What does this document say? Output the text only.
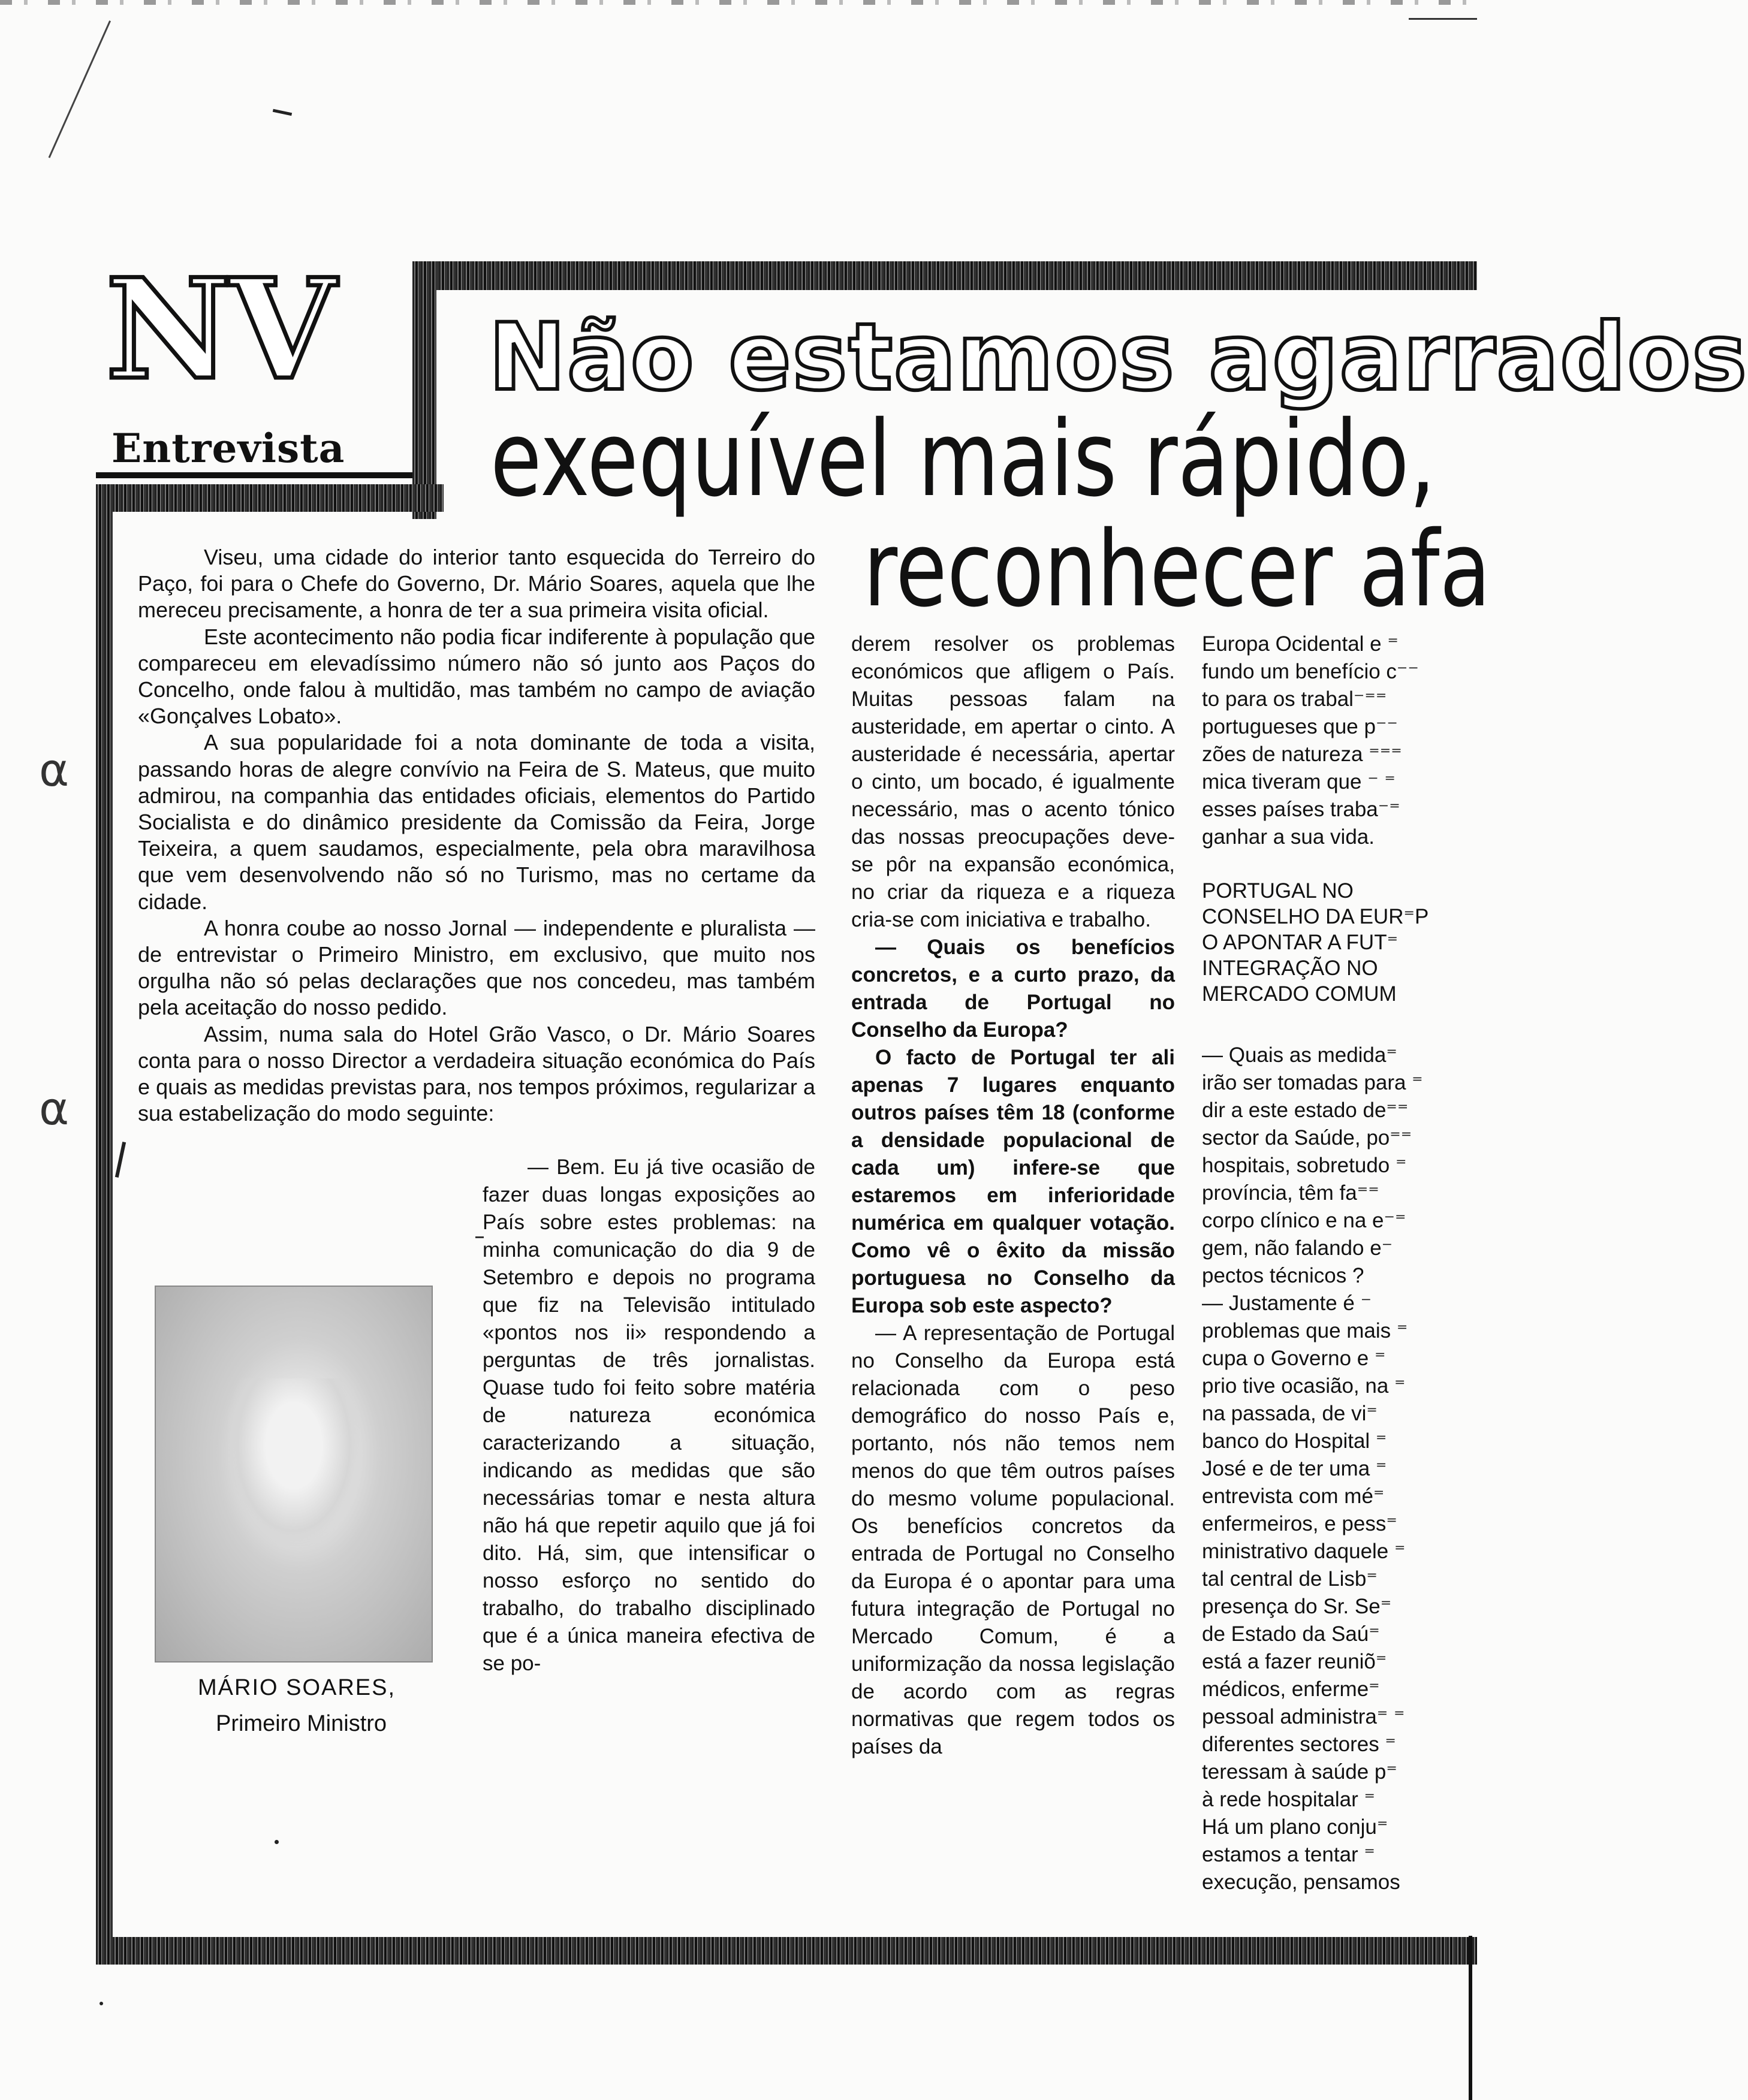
NV
Entrevista
Não estamos agarrados
exequível mais rápido,
reconhecer afa

Viseu, uma cidade do interior tanto esquecida do Terreiro do Paço, foi para o Chefe do Governo, Dr. Mário Soares, aquela que lhe mereceu precisamente, a honra de ter a sua primeira visita oficial.

Este acontecimento não podia ficar indiferente à população que compareceu em elevadíssimo número não só junto aos Paços do Concelho, onde falou à multidão, mas também no campo de aviação «Gonçalves Lobato».

A sua popularidade foi a nota dominante de toda a visita, passando horas de alegre convívio na Feira de S. Mateus, que muito admirou, na companhia das entidades oficiais, elementos do Partido Socialista e do dinâmico presidente da Comissão da Feira, Jorge Teixeira, a quem saudamos, especialmente, pela obra maravilhosa que vem desenvolvendo não só no Turismo, mas no certame da cidade.

A honra coube ao nosso Jornal — independente e pluralista — de entrevistar o Primeiro Ministro, em exclusivo, que muito nos orgulha não só pelas declarações que nos concedeu, mas também pela aceitação do nosso pedido.

Assim, numa sala do Hotel Grão Vasco, o Dr. Mário Soares conta para o nosso Director a verdadeira situação económica do País e quais as medidas previstas para, nos tempos próximos, regularizar a sua estabelização do modo seguinte:

MÁRIO SOARES,
Primeiro Ministro

— Bem. Eu já tive ocasião de fazer duas longas exposições ao País sobre estes problemas: na minha comunicação do dia 9 de Setembro e depois no programa que fiz na Televisão intitulado «pontos nos ii» respondendo a perguntas de três jornalistas. Quase tudo foi feito sobre matéria de natureza económica caracterizando a situação, indicando as medidas que são necessárias tomar e nesta altura não há que repetir aquilo que já foi dito. Há, sim, que intensificar o nosso esforço no sentido do trabalho, do trabalho disciplinado que é a única maneira efectiva de se po-

derem resolver os problemas económicos que afligem o País. Muitas pessoas falam na austeridade, em apertar o cinto. A austeridade é necessária, apertar o cinto, um bocado, é igualmente necessário, mas o acento tónico das nossas preocupações deve-se pôr na expansão económica, no criar da riqueza e a riqueza cria-se com iniciativa e trabalho.

— Quais os benefícios concretos, e a curto prazo, da entrada de Portugal no Conselho da Europa?

O facto de Portugal ter ali apenas 7 lugares enquanto outros países têm 18 (conforme a densidade populacional de cada um) infere-se que estaremos em inferioridade numérica em qualquer votação. Como vê o êxito da missão portuguesa no Conselho da Europa sob este aspecto?

— A representação de Portugal no Conselho da Europa está relacionada com o peso demográfico do nosso País e, portanto, nós não temos nem menos do que têm outros países do mesmo volume populacional. Os benefícios concretos da entrada de Portugal no Conselho da Europa é o apontar para uma futura integração de Portugal no Mercado Comum, é a uniformização da nossa legislação de acordo com as regras normativas que regem todos os países da

Europa Ocidental e ⁼
fundo um benefício c⁻⁻
to para os trabal⁻⁼⁼
portugueses que p⁻⁻
zões de natureza ⁼⁼⁼
mica tiveram que ⁻ ⁼
esses países traba⁻⁼
ganhar a sua vida.
PORTUGAL NO
CONSELHO DA EUR⁼P
O APONTAR A FUT⁼
INTEGRAÇÃO NO
MERCADO COMUM
— Quais as medida⁼
irão ser tomadas para ⁼
dir a este estado de⁼⁼
sector da Saúde, po⁼⁼
hospitais, sobretudo ⁼
província, têm fa⁼⁼
corpo clínico e na e⁻⁼
gem, não falando e⁻
pectos técnicos ?
— Justamente é ⁻
problemas que mais ⁼
cupa o Governo e ⁼
prio tive ocasião, na ⁼
na passada, de vi⁼
banco do Hospital ⁼
José e de ter uma ⁼
entrevista com mé⁼
enfermeiros, e pess⁼
ministrativo daquele ⁼
tal central de Lisb⁼
presença do Sr. Se⁼
de Estado da Saú⁼
está a fazer reuniõ⁼
médicos, enferme⁼
pessoal administra⁼ ⁼
diferentes sectores ⁼
teressam à saúde p⁼
à rede hospitalar ⁼
Há um plano conju⁼
estamos a tentar ⁼
execução, pensamos
α
α
